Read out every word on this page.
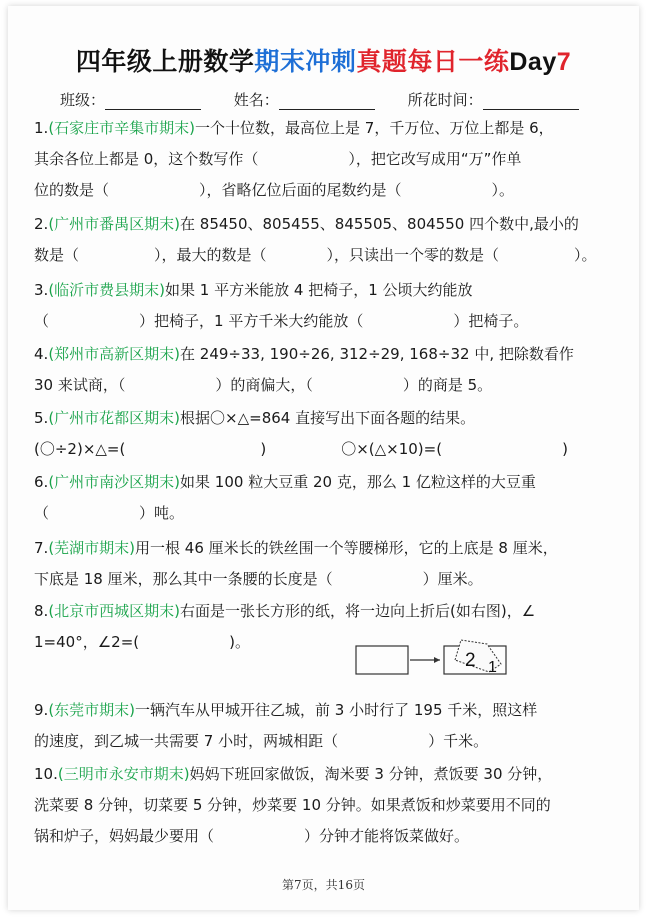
四年级上册数学期末冲刺真题每日一练Day7
班级：	姓名：	所花时间：
1.(石家庄市辛集市期末)一个十位数，最高位上是 7，千万位、万位上都是 6，
其余各位上都是 0，这个数写作（　　　　　　），把它改写成用“万”作单
位的数是（　　　　　　），省略亿位后面的尾数约是（　　　　　　）。
2.(广州市番禺区期末)在 85450、805455、845505、804550 四个数中,最小的
数是（　　　　　），最大的数是（　　　　），只读出一个零的数是（　　　　　）。
3.(临沂市费县期末)如果 1 平方米能放 4 把椅子，1 公顷大约能放
（　　　　　　）把椅子，1 平方千米大约能放（　　　　　　）把椅子。
4.(郑州市高新区期末)在 249÷33, 190÷26, 312÷29, 168÷32 中, 把除数看作
30 来试商，（　　　　　　）的商偏大，（　　　　　　）的商是 5。
5.(广州市花都区期末)根据〇×△=864 直接写出下面各题的结果。
(〇÷2)×△=(　　　　　　　　　)　　　　　〇×(△×10)=(　　　　　　　　)
6.(广州市南沙区期末)如果 100 粒大豆重 20 克，那么 1 亿粒这样的大豆重
（　　　　　　）吨。
7.(芜湖市期末)用一根 46 厘米长的铁丝围一个等腰梯形，它的上底是 8 厘米，
下底是 18 厘米，那么其中一条腰的长度是（　　　　　　）厘米。
8.(北京市西城区期末)右面是一张长方形的纸，将一边向上折后(如右图)，∠
1=40°，∠2=(　　　　　　)。
2 1
9.(东莞市期末)一辆汽车从甲城开往乙城，前 3 小时行了 195 千米，照这样
的速度，到乙城一共需要 7 小时，两城相距（　　　　　　）千米。
10.(三明市永安市期末)妈妈下班回家做饭，淘米要 3 分钟，煮饭要 30 分钟，
洗菜要 8 分钟，切菜要 5 分钟，炒菜要 10 分钟。如果煮饭和炒菜要用不同的
锅和炉子，妈妈最少要用（　　　　　　）分钟才能将饭菜做好。
第7页，共16页
